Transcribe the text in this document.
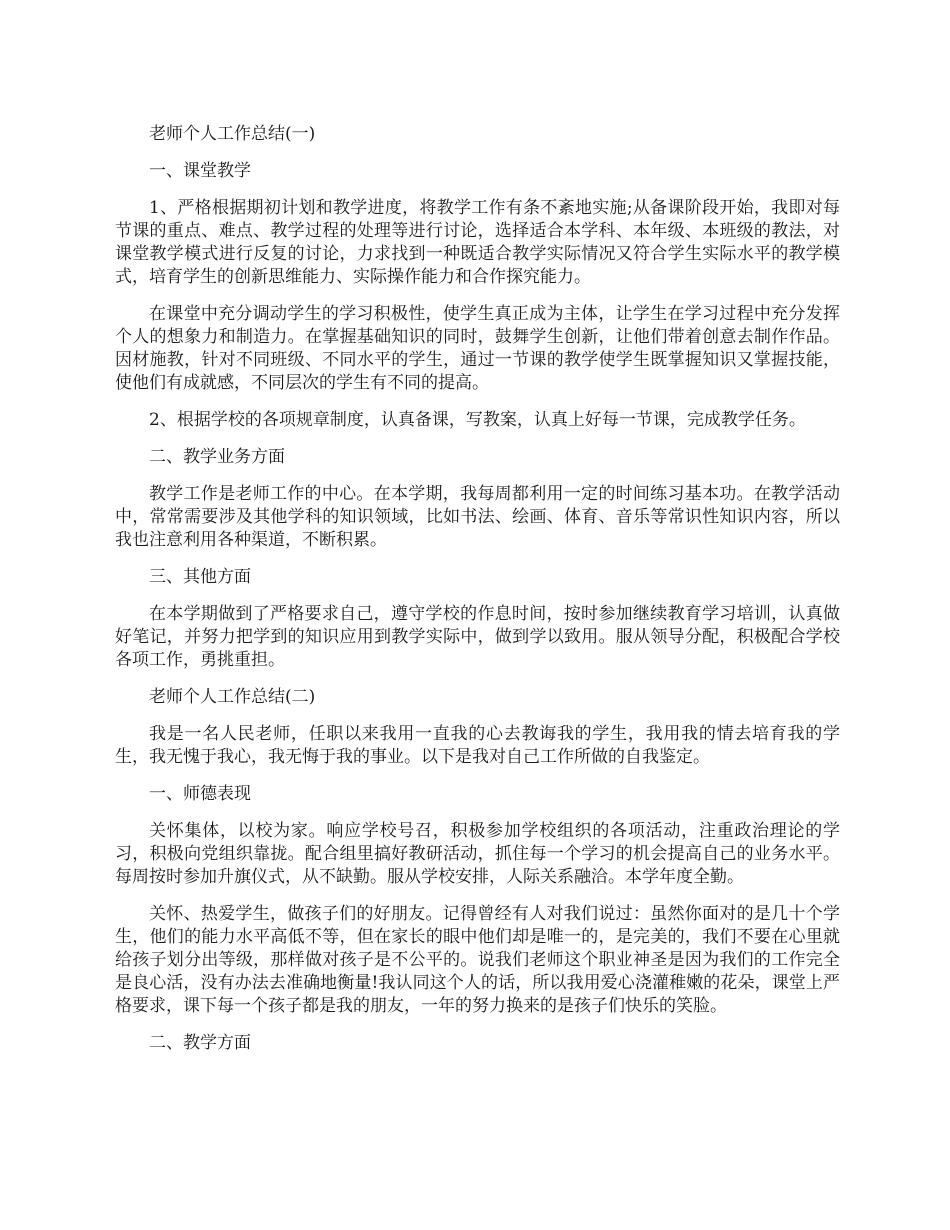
老师个人工作总结(一)

一、课堂教学

1、严格根据期初计划和教学进度，将教学工作有条不紊地实施;从备课阶段开始，我即对每节课的重点、难点、教学过程的处理等进行讨论，选择适合本学科、本年级、本班级的教法，对课堂教学模式进行反复的讨论，力求找到一种既适合教学实际情况又符合学生实际水平的教学模式，培育学生的创新思维能力、实际操作能力和合作探究能力。

在课堂中充分调动学生的学习积极性，使学生真正成为主体，让学生在学习过程中充分发挥个人的想象力和制造力。在掌握基础知识的同时，鼓舞学生创新，让他们带着创意去制作作品。因材施教，针对不同班级、不同水平的学生，通过一节课的教学使学生既掌握知识又掌握技能，使他们有成就感，不同层次的学生有不同的提高。

2、根据学校的各项规章制度，认真备课，写教案，认真上好每一节课，完成教学任务。

二、教学业务方面

教学工作是老师工作的中心。在本学期，我每周都利用一定的时间练习基本功。在教学活动中，常常需要涉及其他学科的知识领域，比如书法、绘画、体育、音乐等常识性知识内容，所以我也注意利用各种渠道，不断积累。

三、其他方面

在本学期做到了严格要求自己，遵守学校的作息时间，按时参加继续教育学习培训，认真做好笔记，并努力把学到的知识应用到教学实际中，做到学以致用。服从领导分配，积极配合学校各项工作，勇挑重担。

老师个人工作总结(二)

我是一名人民老师，任职以来我用一直我的心去教诲我的学生，我用我的情去培育我的学生，我无愧于我心，我无悔于我的事业。以下是我对自己工作所做的自我鉴定。

一、师德表现

关怀集体，以校为家。响应学校号召，积极参加学校组织的各项活动，注重政治理论的学习，积极向党组织靠拢。配合组里搞好教研活动，抓住每一个学习的机会提高自己的业务水平。每周按时参加升旗仪式，从不缺勤。服从学校安排，人际关系融洽。本学年度全勤。

关怀、热爱学生，做孩子们的好朋友。记得曾经有人对我们说过：虽然你面对的是几十个学生，他们的能力水平高低不等，但在家长的眼中他们却是唯一的，是完美的，我们不要在心里就给孩子划分出等级，那样做对孩子是不公平的。说我们老师这个职业神圣是因为我们的工作完全是良心活，没有办法去准确地衡量!我认同这个人的话，所以我用爱心浇灌稚嫩的花朵，课堂上严格要求，课下每一个孩子都是我的朋友，一年的努力换来的是孩子们快乐的笑脸。

二、教学方面
